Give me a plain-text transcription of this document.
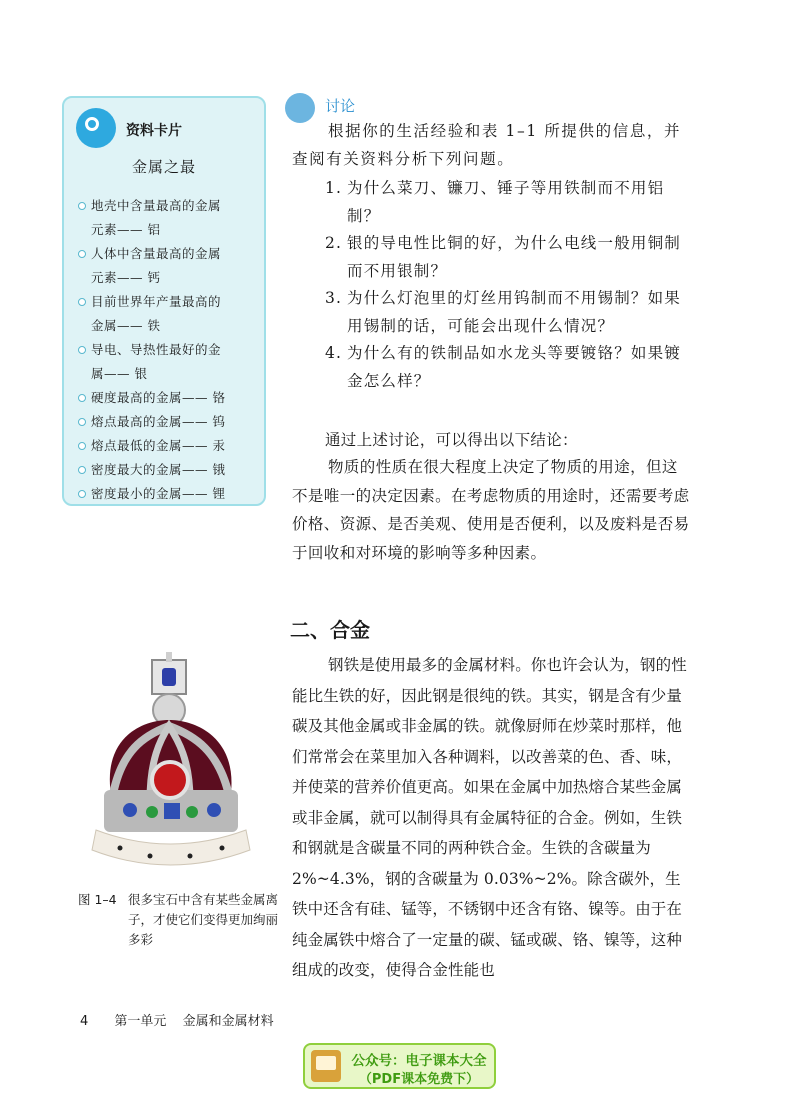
资料卡片
金属之最
地壳中含量最高的金属
元素—— 铝
人体中含量最高的金属
元素—— 钙
目前世界年产量最高的
金属—— 铁
导电、导热性最好的金
属—— 银
硬度最高的金属—— 铬
熔点最高的金属—— 钨
熔点最低的金属—— 汞
密度最大的金属—— 锇
密度最小的金属—— 锂
讨论

根据你的生活经验和表 1–1 所提供的信息，并查阅有关资料分析下列问题。

1. 为什么菜刀、镰刀、锤子等用铁制而不用铝制？
2. 银的导电性比铜的好，为什么电线一般用铜制而不用银制？
3. 为什么灯泡里的灯丝用钨制而不用锡制？如果用锡制的话，可能会出现什么情况？
4. 为什么有的铁制品如水龙头等要镀铬？如果镀金怎么样？

通过上述讨论，可以得出以下结论：

物质的性质在很大程度上决定了物质的用途，但这不是唯一的决定因素。在考虑物质的用途时，还需要考虑价格、资源、是否美观、使用是否便利，以及废料是否易于回收和对环境的影响等多种因素。

二、合金

钢铁是使用最多的金属材料。你也许会认为，钢的性能比生铁的好，因此钢是很纯的铁。其实，钢是含有少量碳及其他金属或非金属的铁。就像厨师在炒菜时那样，他们常常会在菜里加入各种调料，以改善菜的色、香、味，并使菜的营养价值更高。如果在金属中加热熔合某些金属或非金属，就可以制得具有金属特征的合金。例如，生铁和钢就是含碳量不同的两种铁合金。生铁的含碳量为 2%~4.3%，钢的含碳量为 0.03%~2%。除含碳外，生铁中还含有硅、锰等，不锈钢中还含有铬、镍等。由于在纯金属铁中熔合了一定量的碳、锰或碳、铬、镍等，这种组成的改变，使得合金性能也

图 1–4 很多宝石中含有某些金属离子，才使它们变得更加绚丽多彩
4 第一单元 金属和金属材料
公众号：电子课本大全
（PDF课本免费下）
